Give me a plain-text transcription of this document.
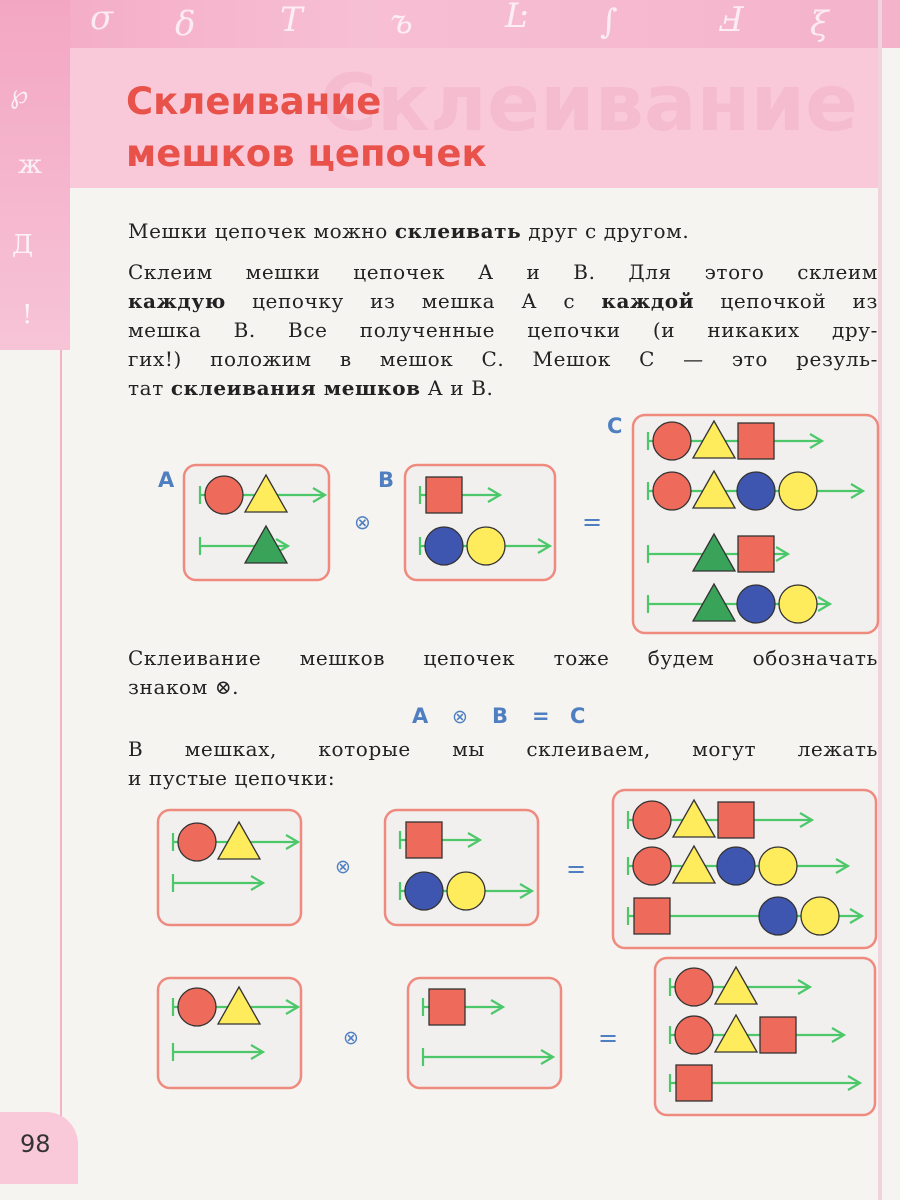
σ δ T	ъ	Ŀ ∫	Ⅎ ξ
℘
ж
Д
!
Склеивание
Склеивание
мешков цепочек
Мешки цепочек можно склеивать друг с другом.
Склеим мешки цепочек А и В. Для этого склеим
каждую цепочку из мешка А с каждой цепочкой из
мешка В. Все полученные цепочки (и никаких дру-
гих!) положим в мешок С. Мешок С — это резуль-
тат склеивания мешков А и В.
A	B
C
⊗	=
Склеивание мешков цепочек тоже будем обозначать
знаком ⊗.
A ⊗ B = C
В мешках, которые мы склеиваем, могут лежать
и пустые цепочки:
⊗	=
⊗	=
98
